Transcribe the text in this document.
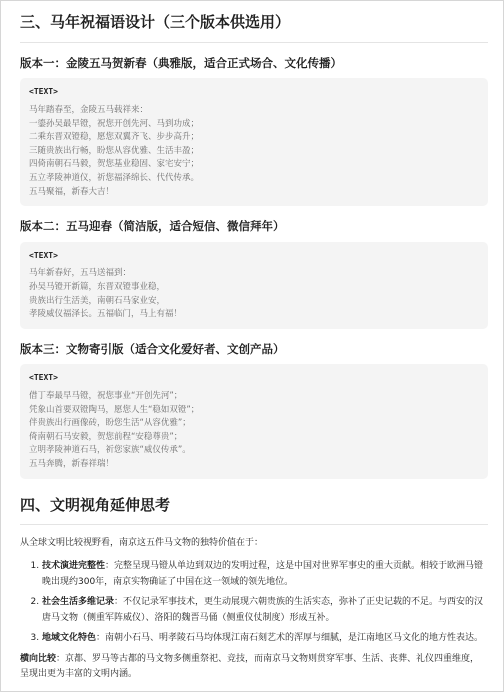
三、马年祝福语设计（三个版本供选用）
版本一：金陵五马贺新春（典雅版，适合正式场合、文化传播）
<TEXT>
马年踏春至，金陵五马载祥来：
一鎏孙吴最早镫，祝您开创先河、马到功成；
二乘东晋双镫稳，愿您双翼齐飞、步步高升；
三随贵族出行畅，盼您从容优雅、生活丰盈；
四倚南朝石马毅，贺您基业稳固、家宅安宁；
五立孝陵神道仪，祈您福泽绵长、代代传承。
五马聚福，新春大吉！
版本二：五马迎春（简洁版，适合短信、微信拜年）
<TEXT>
马年新春好，五马送福到：
孙吴马镫开新篇，东晋双镫事业稳，
贵族出行生活美，南朝石马家业安，
孝陵威仪福泽长。五福临门，马上有福！
版本三：文物寄引版（适合文化爱好者、文创产品）
<TEXT>
借丁奉最早马镫，祝您事业“开创先河”；
凭象山首要双镫陶马，愿您人生“稳如双镫”；
伴贵族出行画像砖，盼您生活“从容优雅”；
倚南朝石马安毅，贺您前程“安稳尊贵”；
立明孝陵神道石马，祈您家族“威仪传承”。
五马奔腾，新春祥瑞！
四、文明视角延伸思考

从全球文明比较视野看，南京这五件马文物的独特价值在于：

1. 技术演进完整性：完整呈现马镫从单边到双边的发明过程，这是中国对世界军事史的重大贡献。相较于欧洲马镫晚出现约300年，南京实物确证了中国在这一领域的领先地位。
2. 社会生活多维记录：不仅记录军事技术，更生动展现六朝贵族的生活实态，弥补了正史记载的不足。与西安的汉唐马文物（侧重军阵威仪）、洛阳的魏晋马俑（侧重仪仗制度）形成互补。
3. 地域文化特色：南朝小石马、明孝陵石马均体现江南石刻艺术的浑厚与细腻，是江南地区马文化的地方性表达。

横向比较：京都、罗马等古都的马文物多侧重祭祀、竞技，而南京马文物则贯穿军事、生活、丧葬、礼仪四重维度，呈现出更为丰富的文明内涵。
